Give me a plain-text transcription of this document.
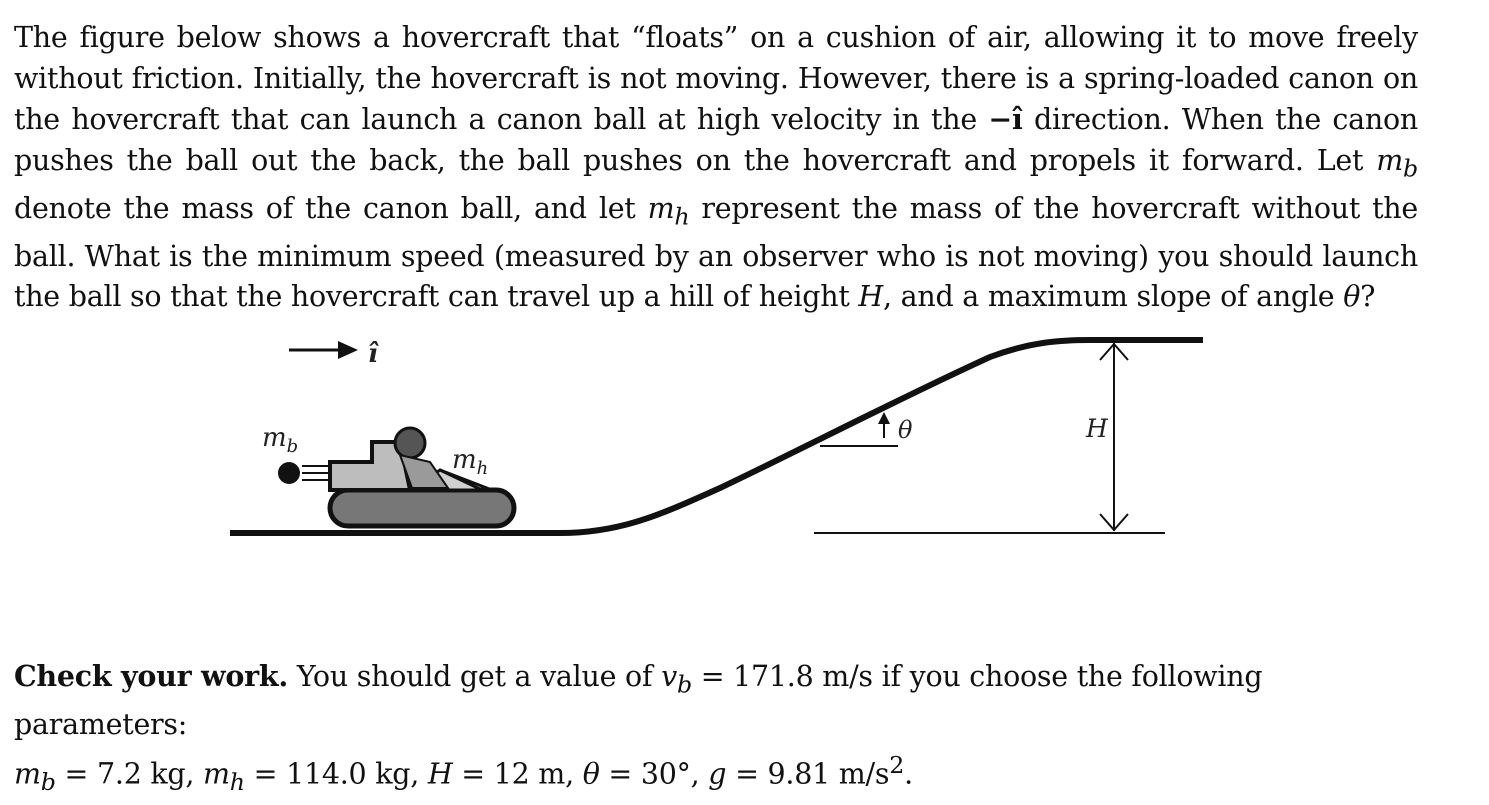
The figure below shows a hovercraft that “floats” on a cushion of air, allowing it to move freely without friction. Initially, the hovercraft is not moving. However, there is a spring-loaded canon on the hovercraft that can launch a canon ball at high velocity in the −î direction. When the canon pushes the ball out the back, the ball pushes on the hovercraft and propels it forward. Let $m_b$ denote the mass of the canon ball, and let $m_h$ represent the mass of the hovercraft without the ball. What is the minimum speed (measured by an observer who is not moving) you should launch the ball so that the hovercraft can travel up a hill of height H, and a maximum slope of angle θ?

î
θ	H
$m_b$	$m_h$

Check your work. You should get a value of $v_b = 171.8$ m/s if you choose the following parameters:
$m_b = 7.2$ kg, $m_h = 114.0$ kg, H = 12 m, θ = 30°, g = 9.81 $m/s^2$.
